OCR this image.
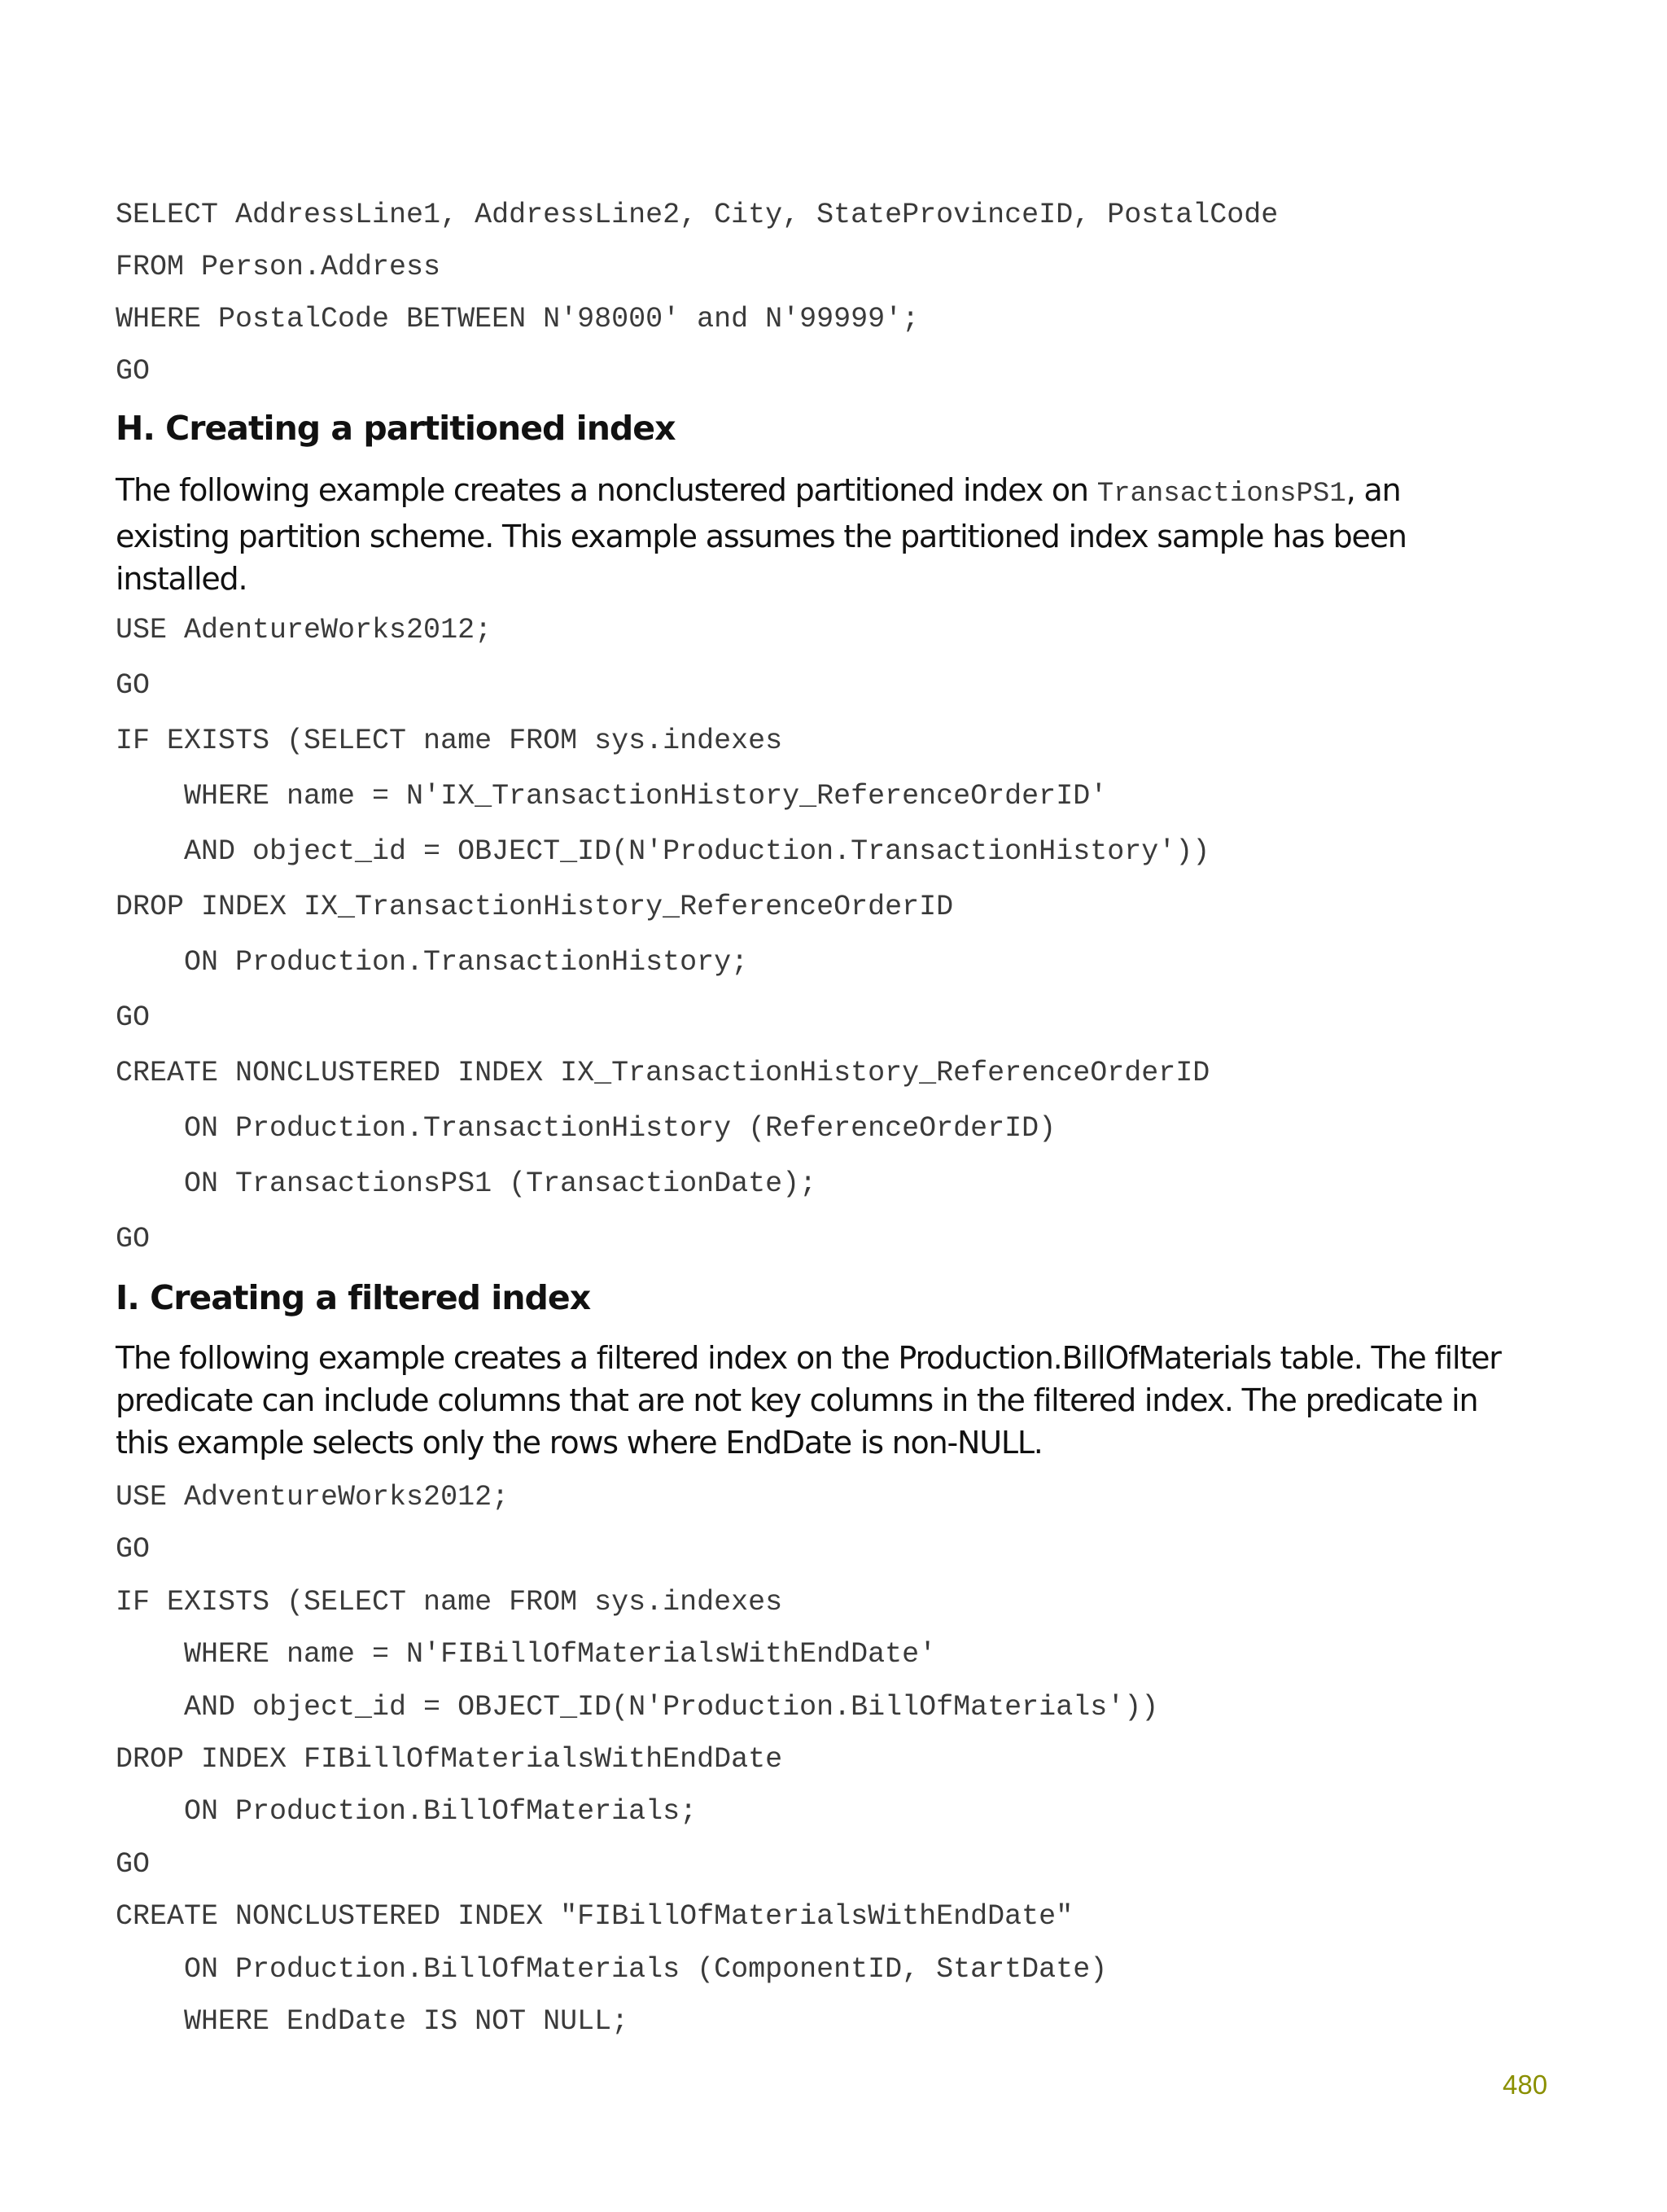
SELECT AddressLine1, AddressLine2, City, StateProvinceID, PostalCode
FROM Person.Address
WHERE PostalCode BETWEEN N'98000' and N'99999';
GO
H. Creating a partitioned index

The following example creates a nonclustered partitioned index on TransactionsPS1, an
existing partition scheme. This example assumes the partitioned index sample has been
installed.

USE AdentureWorks2012;
GO
IF EXISTS (SELECT name FROM sys.indexes
WHERE name = N'IX_TransactionHistory_ReferenceOrderID'
AND object_id = OBJECT_ID(N'Production.TransactionHistory'))
DROP INDEX IX_TransactionHistory_ReferenceOrderID
ON Production.TransactionHistory;
GO
CREATE NONCLUSTERED INDEX IX_TransactionHistory_ReferenceOrderID
ON Production.TransactionHistory (ReferenceOrderID)
ON TransactionsPS1 (TransactionDate);
GO
I. Creating a filtered index

The following example creates a filtered index on the Production.BillOfMaterials table. The filter
predicate can include columns that are not key columns in the filtered index. The predicate in
this example selects only the rows where EndDate is non-NULL.

USE AdventureWorks2012;
GO
IF EXISTS (SELECT name FROM sys.indexes
WHERE name = N'FIBillOfMaterialsWithEndDate'
AND object_id = OBJECT_ID(N'Production.BillOfMaterials'))
DROP INDEX FIBillOfMaterialsWithEndDate
ON Production.BillOfMaterials;
GO
CREATE NONCLUSTERED INDEX "FIBillOfMaterialsWithEndDate"
ON Production.BillOfMaterials (ComponentID, StartDate)
WHERE EndDate IS NOT NULL;
480
